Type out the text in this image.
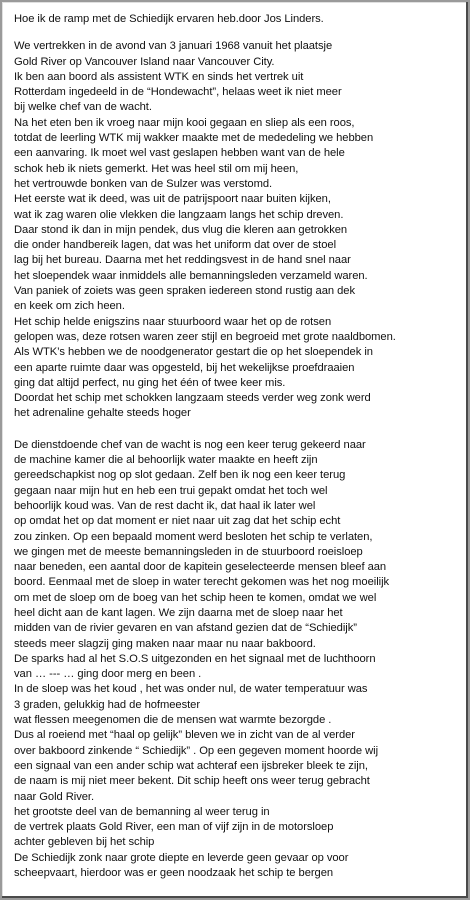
Hoe ik de ramp met de Schiedijk ervaren heb.door Jos Linders.

We vertrekken in de avond van 3 januari 1968 vanuit het plaatsje
Gold River op Vancouver Island naar Vancouver City.
Ik ben aan boord als assistent WTK en sinds het vertrek uit
Rotterdam ingedeeld in de “Hondewacht”, helaas weet ik niet meer
bij welke chef van de wacht.
Na het eten ben ik vroeg naar mijn kooi gegaan en sliep als een roos,
totdat de leerling WTK mij wakker maakte met de mededeling we hebben
een aanvaring. Ik moet wel vast geslapen hebben want van de hele
schok heb ik niets gemerkt. Het was heel stil om mij heen,
het vertrouwde bonken van de Sulzer was verstomd.
Het eerste wat ik deed, was uit de patrijspoort naar buiten kijken,
wat ik zag waren olie vlekken die langzaam langs het schip dreven.
Daar stond ik dan in mijn pendek, dus vlug die kleren aan getrokken
die onder handbereik lagen, dat was het uniform dat over de stoel
lag bij het bureau. Daarna met het reddingsvest in de hand snel naar
het sloependek waar inmiddels alle bemanningsleden verzameld waren.
Van paniek of zoiets was geen spraken iedereen stond rustig aan dek
en keek om zich heen.
Het schip helde enigszins naar stuurboord waar het op de rotsen
gelopen was, deze rotsen waren zeer stijl en begroeid met grote naaldbomen.
Als WTK’s hebben we de noodgenerator gestart die op het sloependek in
een aparte ruimte daar was opgesteld, bij het wekelijkse proefdraaien
ging dat altijd perfect, nu ging het één of twee keer mis.
Doordat het schip met schokken langzaam steeds verder weg zonk werd
het adrenaline gehalte steeds hoger

De dienstdoende chef van de wacht is nog een keer terug gekeerd naar
de machine kamer die al behoorlijk water maakte en heeft zijn
gereedschapkist nog op slot gedaan. Zelf ben ik nog een keer terug
gegaan naar mijn hut en heb een trui gepakt omdat het toch wel
behoorlijk koud was. Van de rest dacht ik, dat haal ik later wel
op omdat het op dat moment er niet naar uit zag dat het schip echt
zou zinken. Op een bepaald moment werd besloten het schip te verlaten,
we gingen met de meeste bemanningsleden in de stuurboord roeisloep
naar beneden, een aantal door de kapitein geselecteerde mensen bleef aan
boord. Eenmaal met de sloep in water terecht gekomen was het nog moeilijk
om met de sloep om de boeg van het schip heen te komen, omdat we wel
heel dicht aan de kant lagen. We zijn daarna met de sloep naar het
midden van de rivier gevaren en van afstand gezien dat de “Schiedijk”
steeds meer slagzij ging maken naar maar nu naar bakboord.
De sparks had al het S.O.S uitgezonden en het signaal met de luchthoorn
van … --- … ging door merg en been .
In de sloep was het koud , het was onder nul, de water temperatuur was
3 graden, gelukkig had de hofmeester
wat flessen meegenomen die de mensen wat warmte bezorgde .
Dus al roeiend met “haal op gelijk” bleven we in zicht van de al verder
over bakboord zinkende “ Schiedijk” . Op een gegeven moment hoorde wij
een signaal van een ander schip wat achteraf een ijsbreker bleek te zijn,
de naam is mij niet meer bekent. Dit schip heeft ons weer terug gebracht
naar Gold River.
het grootste deel van de bemanning al weer terug in
de vertrek plaats Gold River, een man of vijf zijn in de motorsloep
achter gebleven bij het schip
De Schiedijk zonk naar grote diepte en leverde geen gevaar op voor
scheepvaart, hierdoor was er geen noodzaak het schip te bergen
